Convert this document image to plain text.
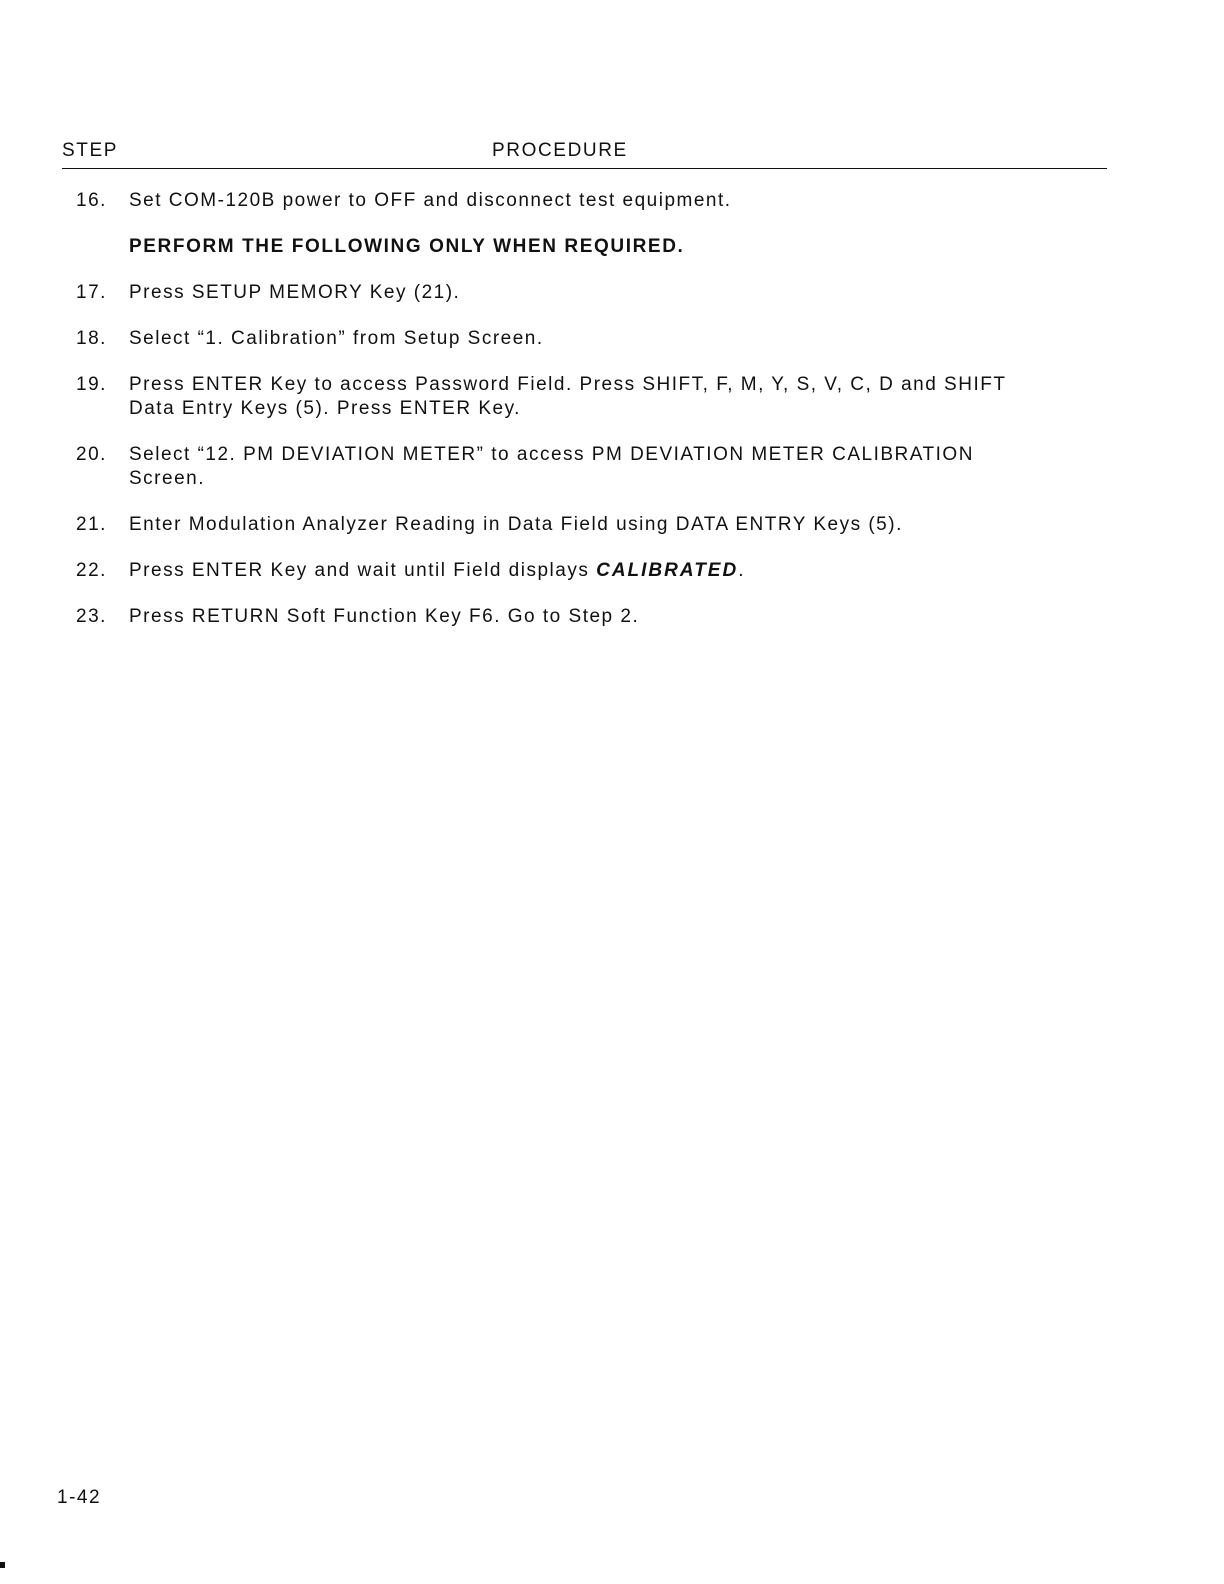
STEP	PROCEDURE
16. Set COM-120B power to OFF and disconnect test equipment.
PERFORM THE FOLLOWING ONLY WHEN REQUIRED.
17. Press SETUP MEMORY Key (21).
18. Select “1. Calibration” from Setup Screen.
19. Press ENTER Key to access Password Field. Press SHIFT, F, M, Y, S, V, C, D and SHIFT
Data Entry Keys (5). Press ENTER Key.
20. Select “12. PM DEVIATION METER” to access PM DEVIATION METER CALIBRATION
Screen.
21. Enter Modulation Analyzer Reading in Data Field using DATA ENTRY Keys (5).
22. Press ENTER Key and wait until Field displays CALIBRATED.
23. Press RETURN Soft Function Key F6. Go to Step 2.
1-42
